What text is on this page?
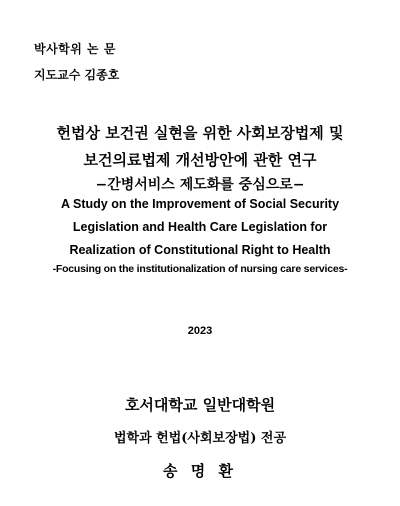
박사학위 논 문
지도교수 김종호
헌법상 보건권 실현을 위한 사회보장법제 및
보건의료법제 개선방안에 관한 연구
−간병서비스 제도화를 중심으로−
A Study on the Improvement of Social Security
Legislation and Health Care Legislation for
Realization of Constitutional Right to Health
-Focusing on the institutionalization of nursing care services-
2023
호서대학교 일반대학원
법학과 헌법(사회보장법) 전공
송 명 환
